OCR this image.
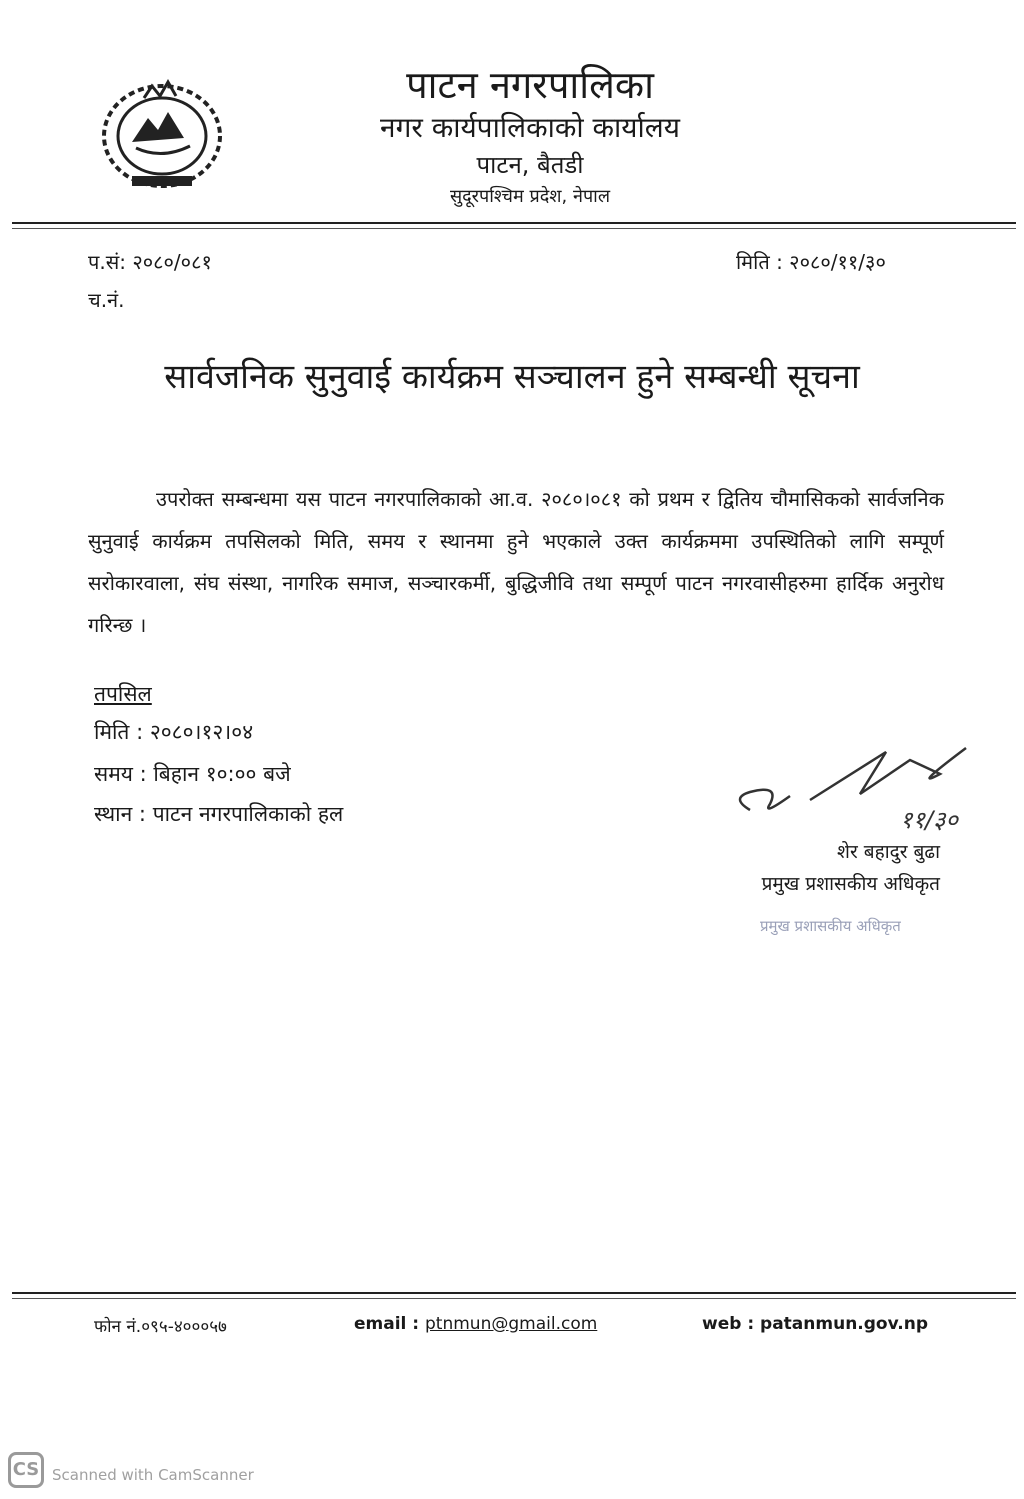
पाटन नगरपालिका
नगर कार्यपालिकाको कार्यालय
पाटन, बैतडी
सुदूरपश्चिम प्रदेश, नेपाल
प.सं: २०८०/०८१
च.नं.
मिति : २०८०/११/३०
सार्वजनिक सुनुवाई कार्यक्रम सञ्चालन हुने सम्बन्धी सूचना
उपरोक्त सम्बन्धमा यस पाटन नगरपालिकाको आ.व. २०८०।०८१ को प्रथम र द्वितिय चौमासिकको सार्वजनिक सुनुवाई कार्यक्रम तपसिलको मिति, समय र स्थानमा हुने भएकाले उक्त कार्यक्रममा उपस्थितिको लागि सम्पूर्ण सरोकारवाला, संघ संस्था, नागरिक समाज, सञ्चारकर्मी, बुद्धिजीवि तथा सम्पूर्ण पाटन नगरवासीहरुमा हार्दिक अनुरोध गरिन्छ ।
तपसिल
मिति : २०८०।१२।०४
समय : बिहान १०:०० बजे
स्थान : पाटन नगरपालिकाको हल	११/३०
शेर बहादुर बुढा
प्रमुख प्रशासकीय अधिकृत
प्रमुख प्रशासकीय अधिकृत
फोन नं.०९५-४०००५७	email : ptnmun@gmail.com	web : patanmun.gov.np
CS Scanned with CamScanner
